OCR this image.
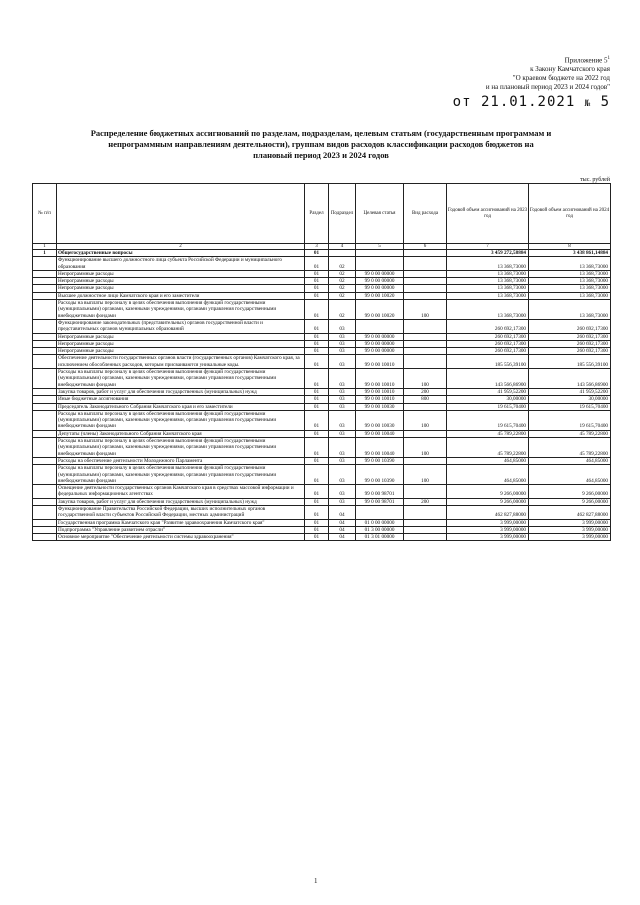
Приложение $5^1$
к Закону Камчатского края
"О краевом бюджете на 2022 год
и на плановый период 2023 и 2024 годов"
от 21.01.2021 № 5
Распределение бюджетных ассигнований по разделам, подразделам, целевым статьям (государственным программам и непрограммным направлениям деятельности), группам видов расходов классификации расходов бюджетов на плановый период 2023 и 2024 годов
тыс. рублей
№ п/п		Раздел	Подраздел	Целевая статья	Вид расхода	Годовой объем ассигнований на 2023 год	Годовой объем ассигнований на 2024 год
1	2	3	4	5	6	7	8
1	Общегосударственные вопросы	01				3 459 272,58884	3 438 861,14884
	Функционирование высшего должностного лица субъекта Российской Федерации и муниципального образования	01	02			13 368,73000	13 368,73000
	Непрограммные расходы	01	02	99 0 00 00000		13 368,73000	13 368,73000
	Непрограммные расходы	01	02	99 0 00 00000		13 368,73000	13 368,73000
	Непрограммные расходы	01	02	99 0 00 00000		13 368,73000	13 368,73000
	Высшее должностное лицо Камчатского края и его заместители	01	02	99 0 00 10020		13 368,73000	13 368,73000
	Расходы на выплаты персоналу в целях обеспечения выполнения функций государственными (муниципальными) органами, казенными учреждениями, органами управления государственными внебюджетными фондами	01	02	99 0 00 10020	100	13 368,73000	13 368,73000
	Функционирование законодательных (представительных) органов государственной власти и представительных органов муниципальных образований	01	03			260 692,17300	260 692,17300
	Непрограммные расходы	01	03	99 0 00 00000		260 692,17300	260 692,17300
	Непрограммные расходы	01	03	99 0 00 00000		260 692,17300	260 692,17300
	Непрограммные расходы	01	03	99 0 00 00000		260 692,17300	260 692,17300
	Обеспечение деятельности государственных органов власти (государственных органов) Камчатского края, за исключением обособленных расходов, которым присваиваются уникальные коды.	01	03	99 0 00 10010		185 556,39100	185 556,39100
	Расходы на выплаты персоналу в целях обеспечения выполнения функций государственными (муниципальными) органами, казенными учреждениями, органами управления государственными внебюджетными фондами	01	03	99 0 00 10010	100	143 566,86900	143 566,86900
	Закупка товаров, работ и услуг для обеспечения государственных (муниципальных) нужд	01	03	99 0 00 10010	200	41 959,52200	41 959,52200
	Иные бюджетные ассигнования	01	03	99 0 00 10010	800	30,00000	30,00000
	Председатель Законодательного Собрания Камчатского края и его заместители	01	03	99 0 00 10030		19 615,70400	19 615,70400
	Расходы на выплаты персоналу в целях обеспечения выполнения функций государственными (муниципальными) органами, казенными учреждениями, органами управления государственными внебюджетными фондами	01	03	99 0 00 10030	100	19 615,70400	19 615,70400
	Депутаты (члены) Законодательного Собрания Камчатского края	01	03	99 0 00 10040		45 789,22800	45 789,22800
	Расходы на выплаты персоналу в целях обеспечения выполнения функций государственными (муниципальными) органами, казенными учреждениями, органами управления государственными внебюджетными фондами	01	03	99 0 00 10040	100	45 789,22800	45 789,22800
	Расходы на обеспечение деятельности Молодежного Парламента	01	03	99 0 00 10390		464,85000	464,85000
	Расходы на выплаты персоналу в целях обеспечения выполнения функций государственными (муниципальными) органами, казенными учреждениями, органами управления государственными внебюджетными фондами	01	03	99 0 00 10390	100	464,85000	464,85000
	Освещение деятельности государственных органов Камчатского края в средствах массовой информации и федеральных информационных агентствах	01	03	99 0 00 98701		9 266,00000	9 266,00000
	Закупка товаров, работ и услуг для обеспечения государственных (муниципальных) нужд	01	03	99 0 00 98701	200	9 266,00000	9 266,00000
	Функционирование Правительства Российской Федерации, высших исполнительных органов государственной власти субъектов Российской Федерации, местных администраций	01	04			462 827,88000	462 827,88000
	Государственная программа Камчатского края "Развитие здравоохранения Камчатского края"	01	04	01 0 00 00000		3 999,00000	3 999,00000
	Подпрограмма "Управление развитием отрасли"	01	04	01 3 00 00000		3 999,00000	3 999,00000
	Основное мероприятие "Обеспечение деятельности системы здравоохранения"	01	04	01 3 01 00000		3 999,00000	3 999,00000
1
